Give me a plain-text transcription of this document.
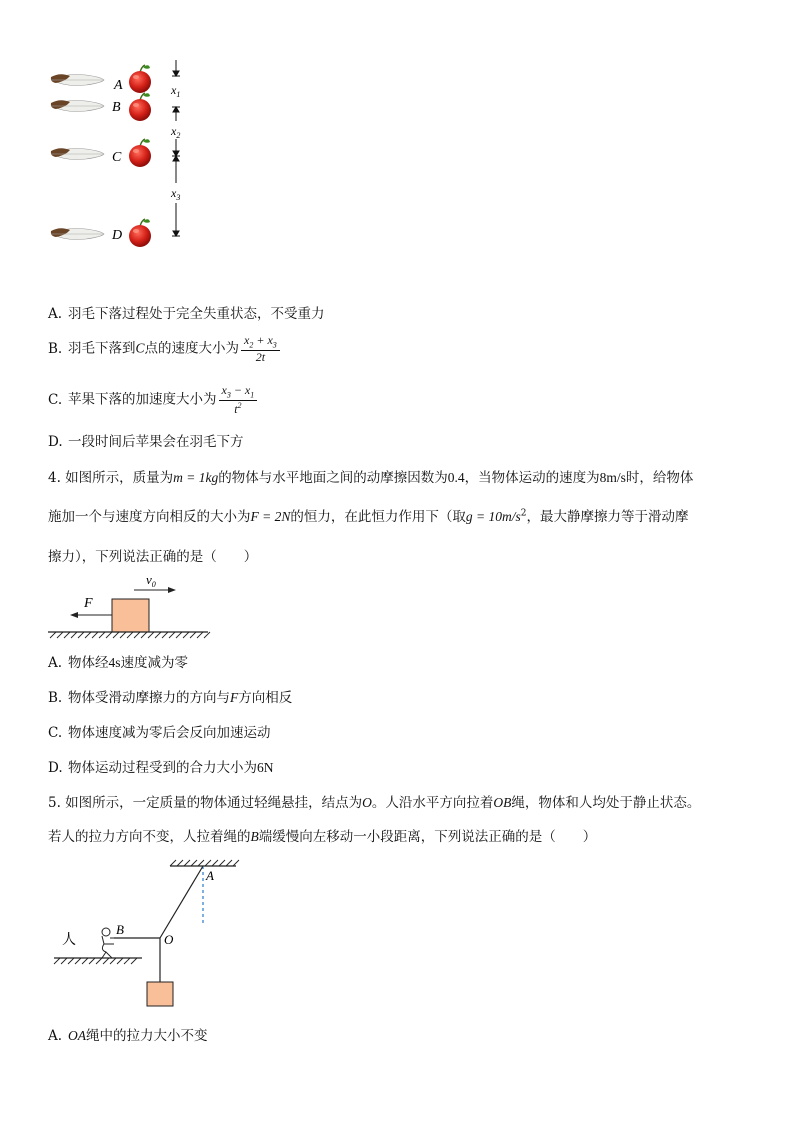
A
B
C
D
$x_1$
$x_2$
$x_3$
A. 羽毛下落过程处于完全失重状态，不受重力
B. 羽毛下落到C点的速度大小为 $\frac{x_2 + x_3}{2t}$
C. 苹果下落的加速度大小为 $\frac{x_3 - x_1}{t^2}$
D. 一段时间后苹果会在羽毛下方
4. 如图所示，质量为m = 1kg的物体与水平地面之间的动摩擦因数为0.4，当物体运动的速度为8m/s时，给物体
施加一个与速度方向相反的大小为F = 2N的恒力，在此恒力作用下（取$g = 10m/s^2$，最大静摩擦力等于滑动摩
擦力），下列说法正确的是（　　）
F
$v_0$
A. 物体经4s速度减为零
B. 物体受滑动摩擦力的方向与F方向相反
C. 物体速度减为零后会反向加速运动
D. 物体运动过程受到的合力大小为6N
5. 如图所示，一定质量的物体通过轻绳悬挂，结点为O。人沿水平方向拉着OB绳，物体和人均处于静止状态。
若人的拉力方向不变，人拉着绳的B端缓慢向左移动一小段距离，下列说法正确的是（　　）
人
B
O
A
A. OA绳中的拉力大小不变
